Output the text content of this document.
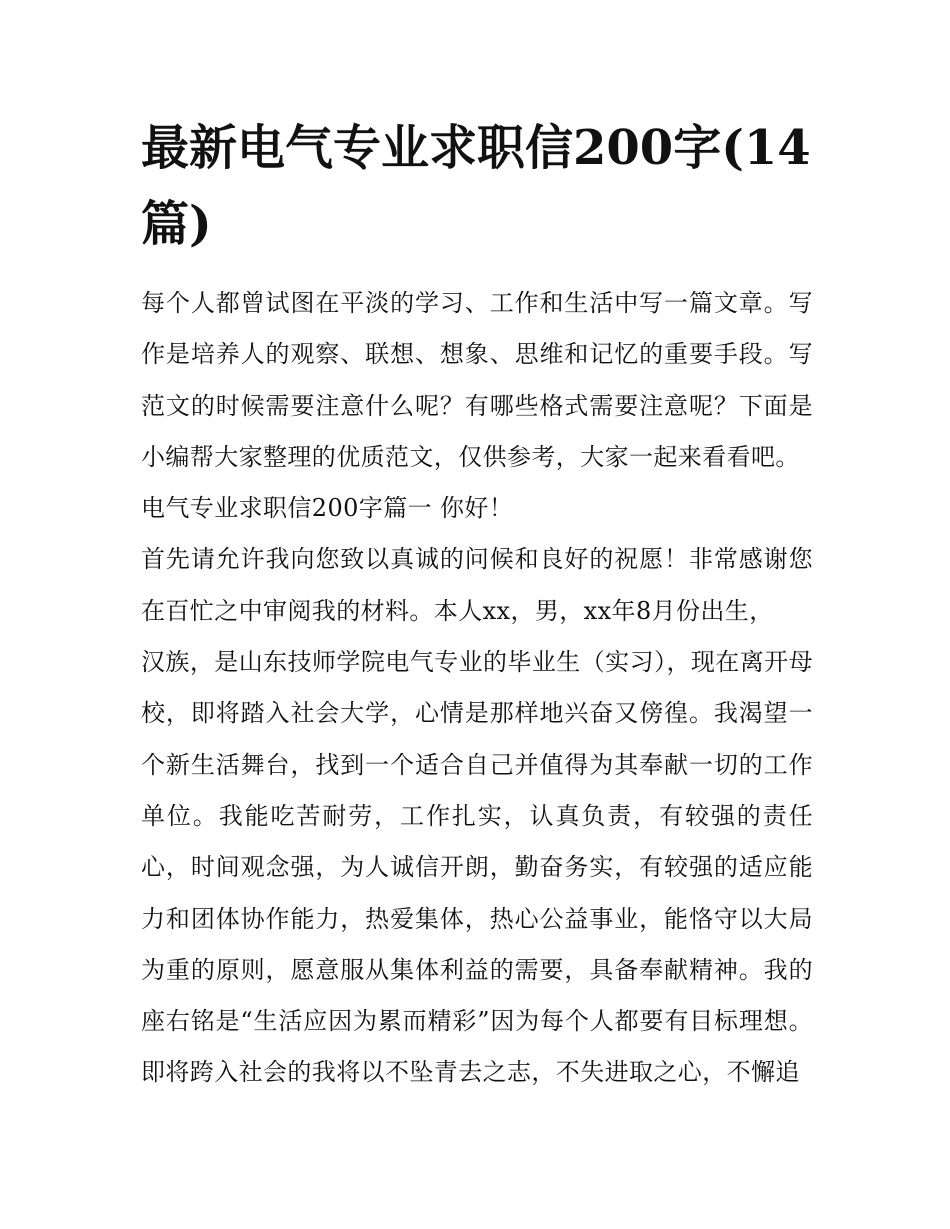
最新电气专业求职信200字(14篇)

每个人都曾试图在平淡的学习、工作和生活中写一篇文章。写作是培养人的观察、联想、想象、思维和记忆的重要手段。写范文的时候需要注意什么呢？有哪些格式需要注意呢？下面是小编帮大家整理的优质范文，仅供参考，大家一起来看看吧。

电气专业求职信200字篇一 你好！

首先请允许我向您致以真诚的问候和良好的祝愿！非常感谢您在百忙之中审阅我的材料。本人xx，男，xx年8月份出生，

汉族，是山东技师学院电气专业的毕业生（实习），现在离开母校，即将踏入社会大学，心情是那样地兴奋又傍徨。我渴望一个新生活舞台，找到一个适合自己并值得为其奉献一切的工作单位。我能吃苦耐劳，工作扎实，认真负责，有较强的责任心，时间观念强，为人诚信开朗，勤奋务实，有较强的适应能力和团体协作能力，热爱集体，热心公益事业，能恪守以大局为重的原则，愿意服从集体利益的需要，具备奉献精神。我的座右铭是“生活应因为累而精彩”因为每个人都要有目标理想。即将跨入社会的我将以不坠青去之志，不失进取之心，不懈追
